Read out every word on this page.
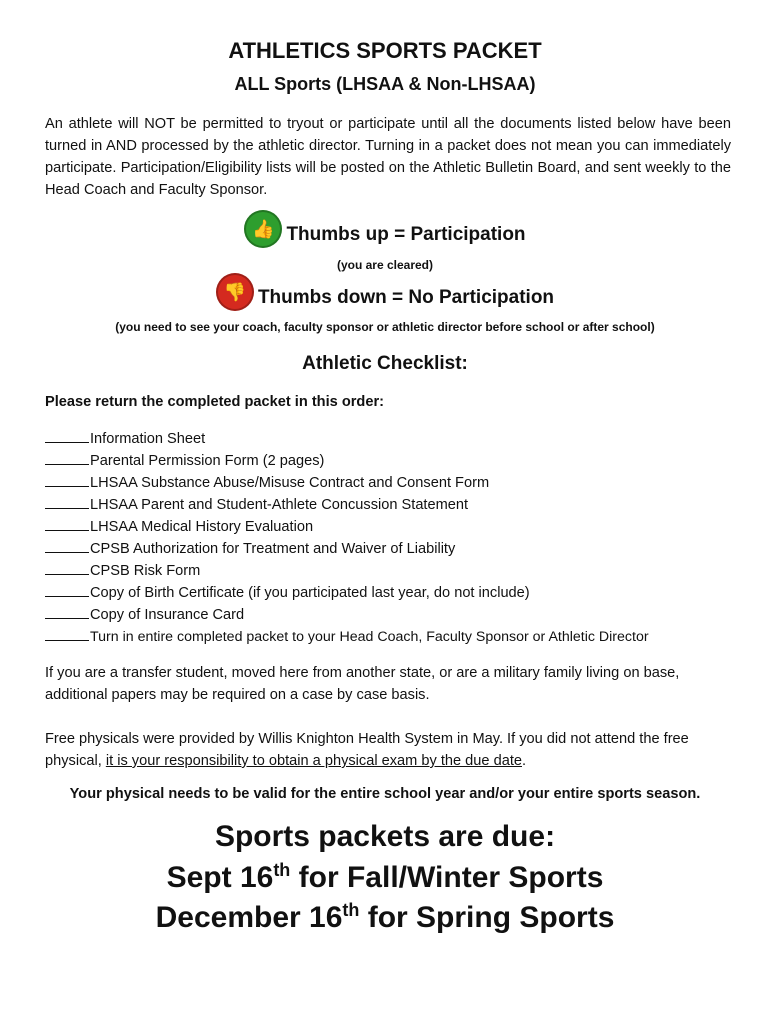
ATHLETICS SPORTS PACKET
ALL Sports (LHSAA & Non-LHSAA)
An athlete will NOT be permitted to tryout or participate until all the documents listed below have been turned in AND processed by the athletic director. Turning in a packet does not mean you can immediately participate. Participation/Eligibility lists will be posted on the Athletic Bulletin Board, and sent weekly to the Head Coach and Faculty Sponsor.
👍 Thumbs up = Participation
(you are cleared)
👎 Thumbs down = No Participation
(you need to see your coach, faculty sponsor or athletic director before school or after school)
Athletic Checklist:
Please return the completed packet in this order:
Information Sheet
Parental Permission Form (2 pages)
LHSAA Substance Abuse/Misuse Contract and Consent Form
LHSAA Parent and Student-Athlete Concussion Statement
LHSAA Medical History Evaluation
CPSB Authorization for Treatment and Waiver of Liability
CPSB Risk Form
Copy of Birth Certificate (if you participated last year, do not include)
Copy of Insurance Card
Turn in entire completed packet to your Head Coach, Faculty Sponsor or Athletic Director
If you are a transfer student, moved here from another state, or are a military family living on base, additional papers may be required on a case by case basis.
Free physicals were provided by Willis Knighton Health System in May. If you did not attend the free physical, it is your responsibility to obtain a physical exam by the due date.
Your physical needs to be valid for the entire school year and/or your entire sports season.
Sports packets are due:
Sept 16th for Fall/Winter Sports
December 16th for Spring Sports
